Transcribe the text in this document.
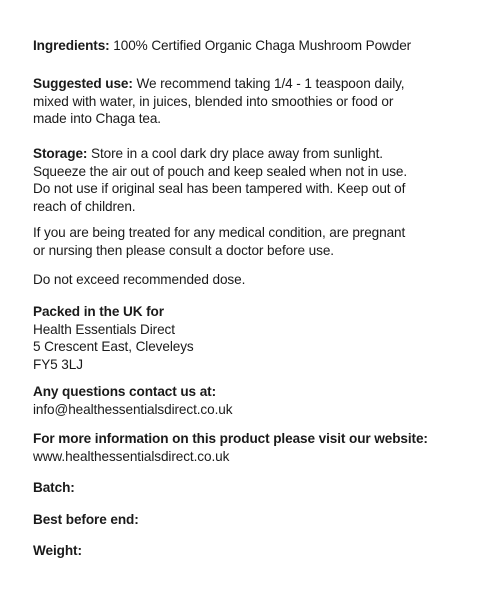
Ingredients: 100% Certified Organic Chaga Mushroom Powder
Suggested use: We recommend taking 1/4 - 1 teaspoon daily,
mixed with water, in juices, blended into smoothies or food or
made into Chaga tea.
Storage: Store in a cool dark dry place away from sunlight.
Squeeze the air out of pouch and keep sealed when not in use.
Do not use if original seal has been tampered with. Keep out of
reach of children.
If you are being treated for any medical condition, are pregnant
or nursing then please consult a doctor before use.
Do not exceed recommended dose.
Packed in the UK for
Health Essentials Direct
5 Crescent East, Cleveleys
FY5 3LJ
Any questions contact us at:
info@healthessentialsdirect.co.uk
For more information on this product please visit our website:
www.healthessentialsdirect.co.uk
Batch:
Best before end:
Weight:
